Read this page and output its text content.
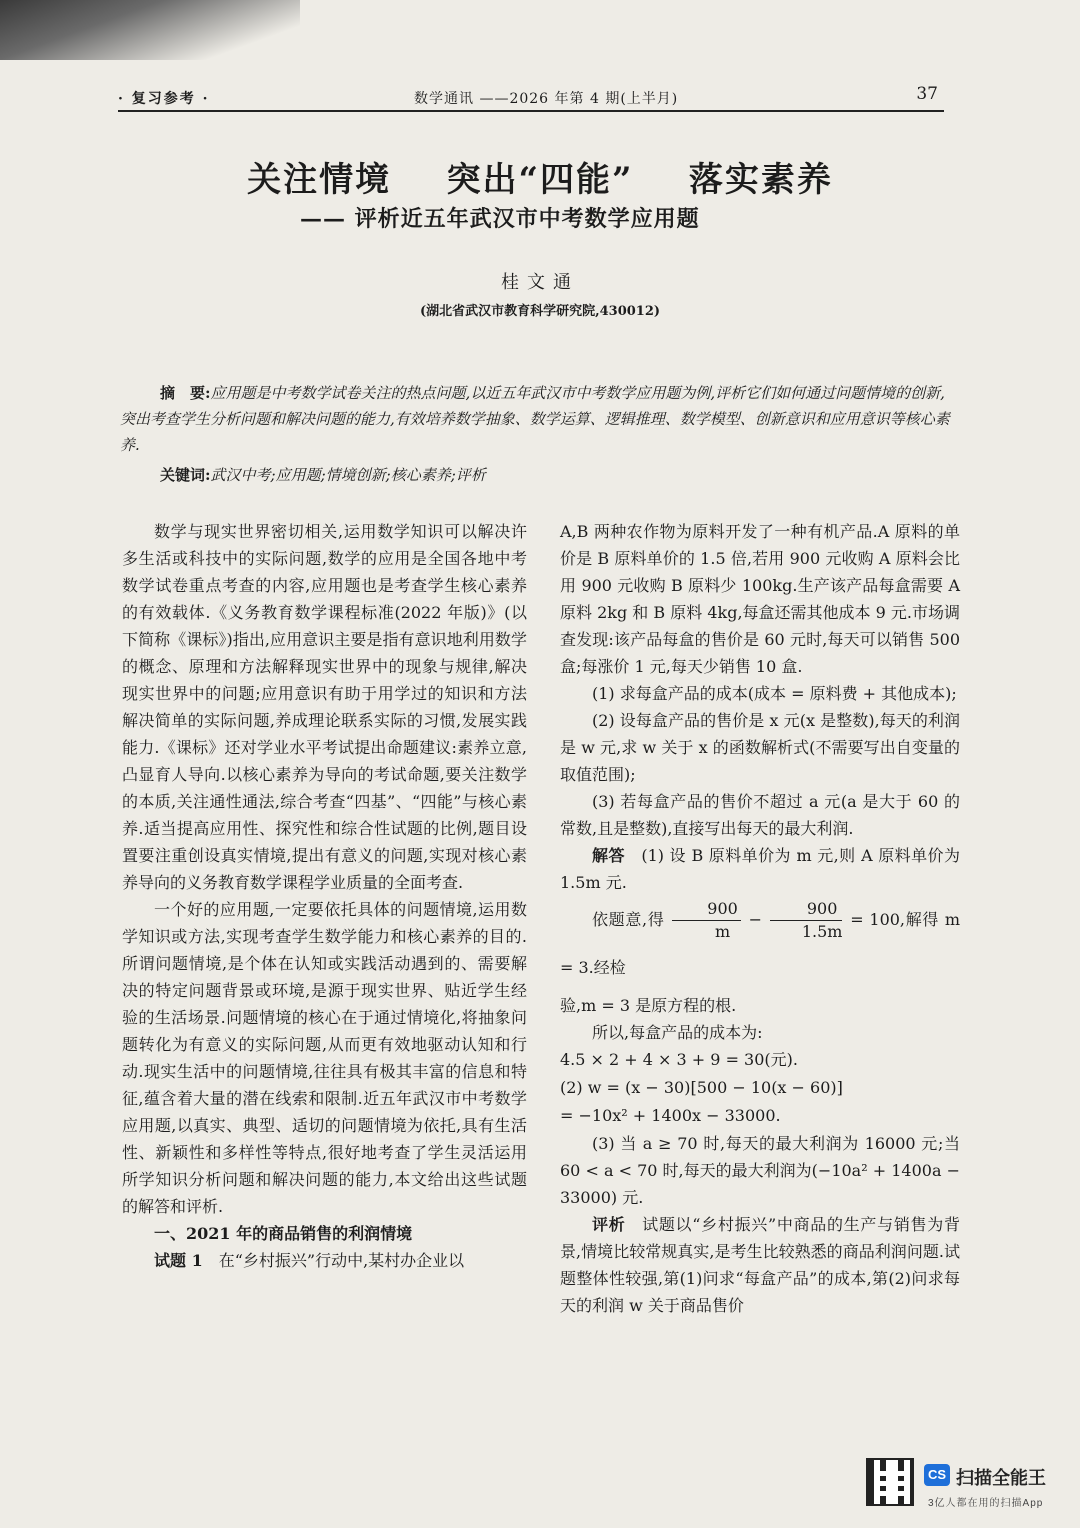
· 复习参考 ·	数学通讯 ——2026 年第 4 期(上半月)	37
关注情境    突出“四能”    落实素养
—— 评析近五年武汉市中考数学应用题
桂文通
(湖北省武汉市教育科学研究院,430012)
摘　要:应用题是中考数学试卷关注的热点问题,以近五年武汉市中考数学应用题为例,评析它们如何通过问题情境的创新,突出考查学生分析问题和解决问题的能力,有效培养数学抽象、数学运算、逻辑推理、数学模型、创新意识和应用意识等核心素养.
关键词:武汉中考;应用题;情境创新;核心素养;评析

数学与现实世界密切相关,运用数学知识可以解决许多生活或科技中的实际问题,数学的应用是全国各地中考数学试卷重点考查的内容,应用题也是考查学生核心素养的有效载体.《义务教育数学课程标准(2022 年版)》(以下简称《课标》)指出,应用意识主要是指有意识地利用数学的概念、原理和方法解释现实世界中的现象与规律,解决现实世界中的问题;应用意识有助于用学过的知识和方法解决简单的实际问题,养成理论联系实际的习惯,发展实践能力.《课标》还对学业水平考试提出命题建议:素养立意,凸显育人导向.以核心素养为导向的考试命题,要关注数学的本质,关注通性通法,综合考查“四基”、“四能”与核心素养.适当提高应用性、探究性和综合性试题的比例,题目设置要注重创设真实情境,提出有意义的问题,实现对核心素养导向的义务教育数学课程学业质量的全面考查.

一个好的应用题,一定要依托具体的问题情境,运用数学知识或方法,实现考查学生数学能力和核心素养的目的.所谓问题情境,是个体在认知或实践活动遇到的、需要解决的特定问题背景或环境,是源于现实世界、贴近学生经验的生活场景.问题情境的核心在于通过情境化,将抽象问题转化为有意义的实际问题,从而更有效地驱动认知和行动.现实生活中的问题情境,往往具有极其丰富的信息和特征,蕴含着大量的潜在线索和限制.近五年武汉市中考数学应用题,以真实、典型、适切的问题情境为依托,具有生活性、新颖性和多样性等特点,很好地考查了学生灵活运用所学知识分析问题和解决问题的能力,本文给出这些试题的解答和评析.

一、2021 年的商品销售的利润情境

试题 1　 在“乡村振兴”行动中,某村办企业以

A,B 两种农作物为原料开发了一种有机产品.A 原料的单价是 B 原料单价的 1.5 倍,若用 900 元收购 A 原料会比用 900 元收购 B 原料少 100kg.生产该产品每盒需要 A 原料 2kg 和 B 原料 4kg,每盒还需其他成本 9 元.市场调查发现:该产品每盒的售价是 60 元时,每天可以销售 500 盒;每涨价 1 元,每天少销售 10 盒.

(1) 求每盒产品的成本(成本 = 原料费 + 其他成本);

(2) 设每盒产品的售价是 x 元(x 是整数),每天的利润是 w 元,求 w 关于 x 的函数解析式(不需要写出自变量的取值范围);

(3) 若每盒产品的售价不超过 a 元(a 是大于 60 的常数,且是整数),直接写出每天的最大利润.

解答　 (1) 设 B 原料单价为 m 元,则 A 原料单价为 1.5m 元.

依题意,得 $\frac{900}{m} - \frac{900}{1.5m} = 100$,解得 m = 3.经检

验,m = 3 是原方程的根.

所以,每盒产品的成本为:

4.5 × 2 + 4 × 3 + 9 = 30(元).

(2) w = (x − 30)[500 − 10(x − 60)]

= −10x² + 1400x − 33000.

(3) 当 a ≥ 70 时,每天的最大利润为 16000 元;当 60 < a < 70 时,每天的最大利润为(−10a² + 1400a − 33000) 元.

评析　 试题以“乡村振兴”中商品的生产与销售为背景,情境比较常规真实,是考生比较熟悉的商品利润问题.试题整体性较强,第(1)问求“每盒产品”的成本,第(2)问求每天的利润 w 关于商品售价

CS 扫描全能王
3亿人都在用的扫描App
